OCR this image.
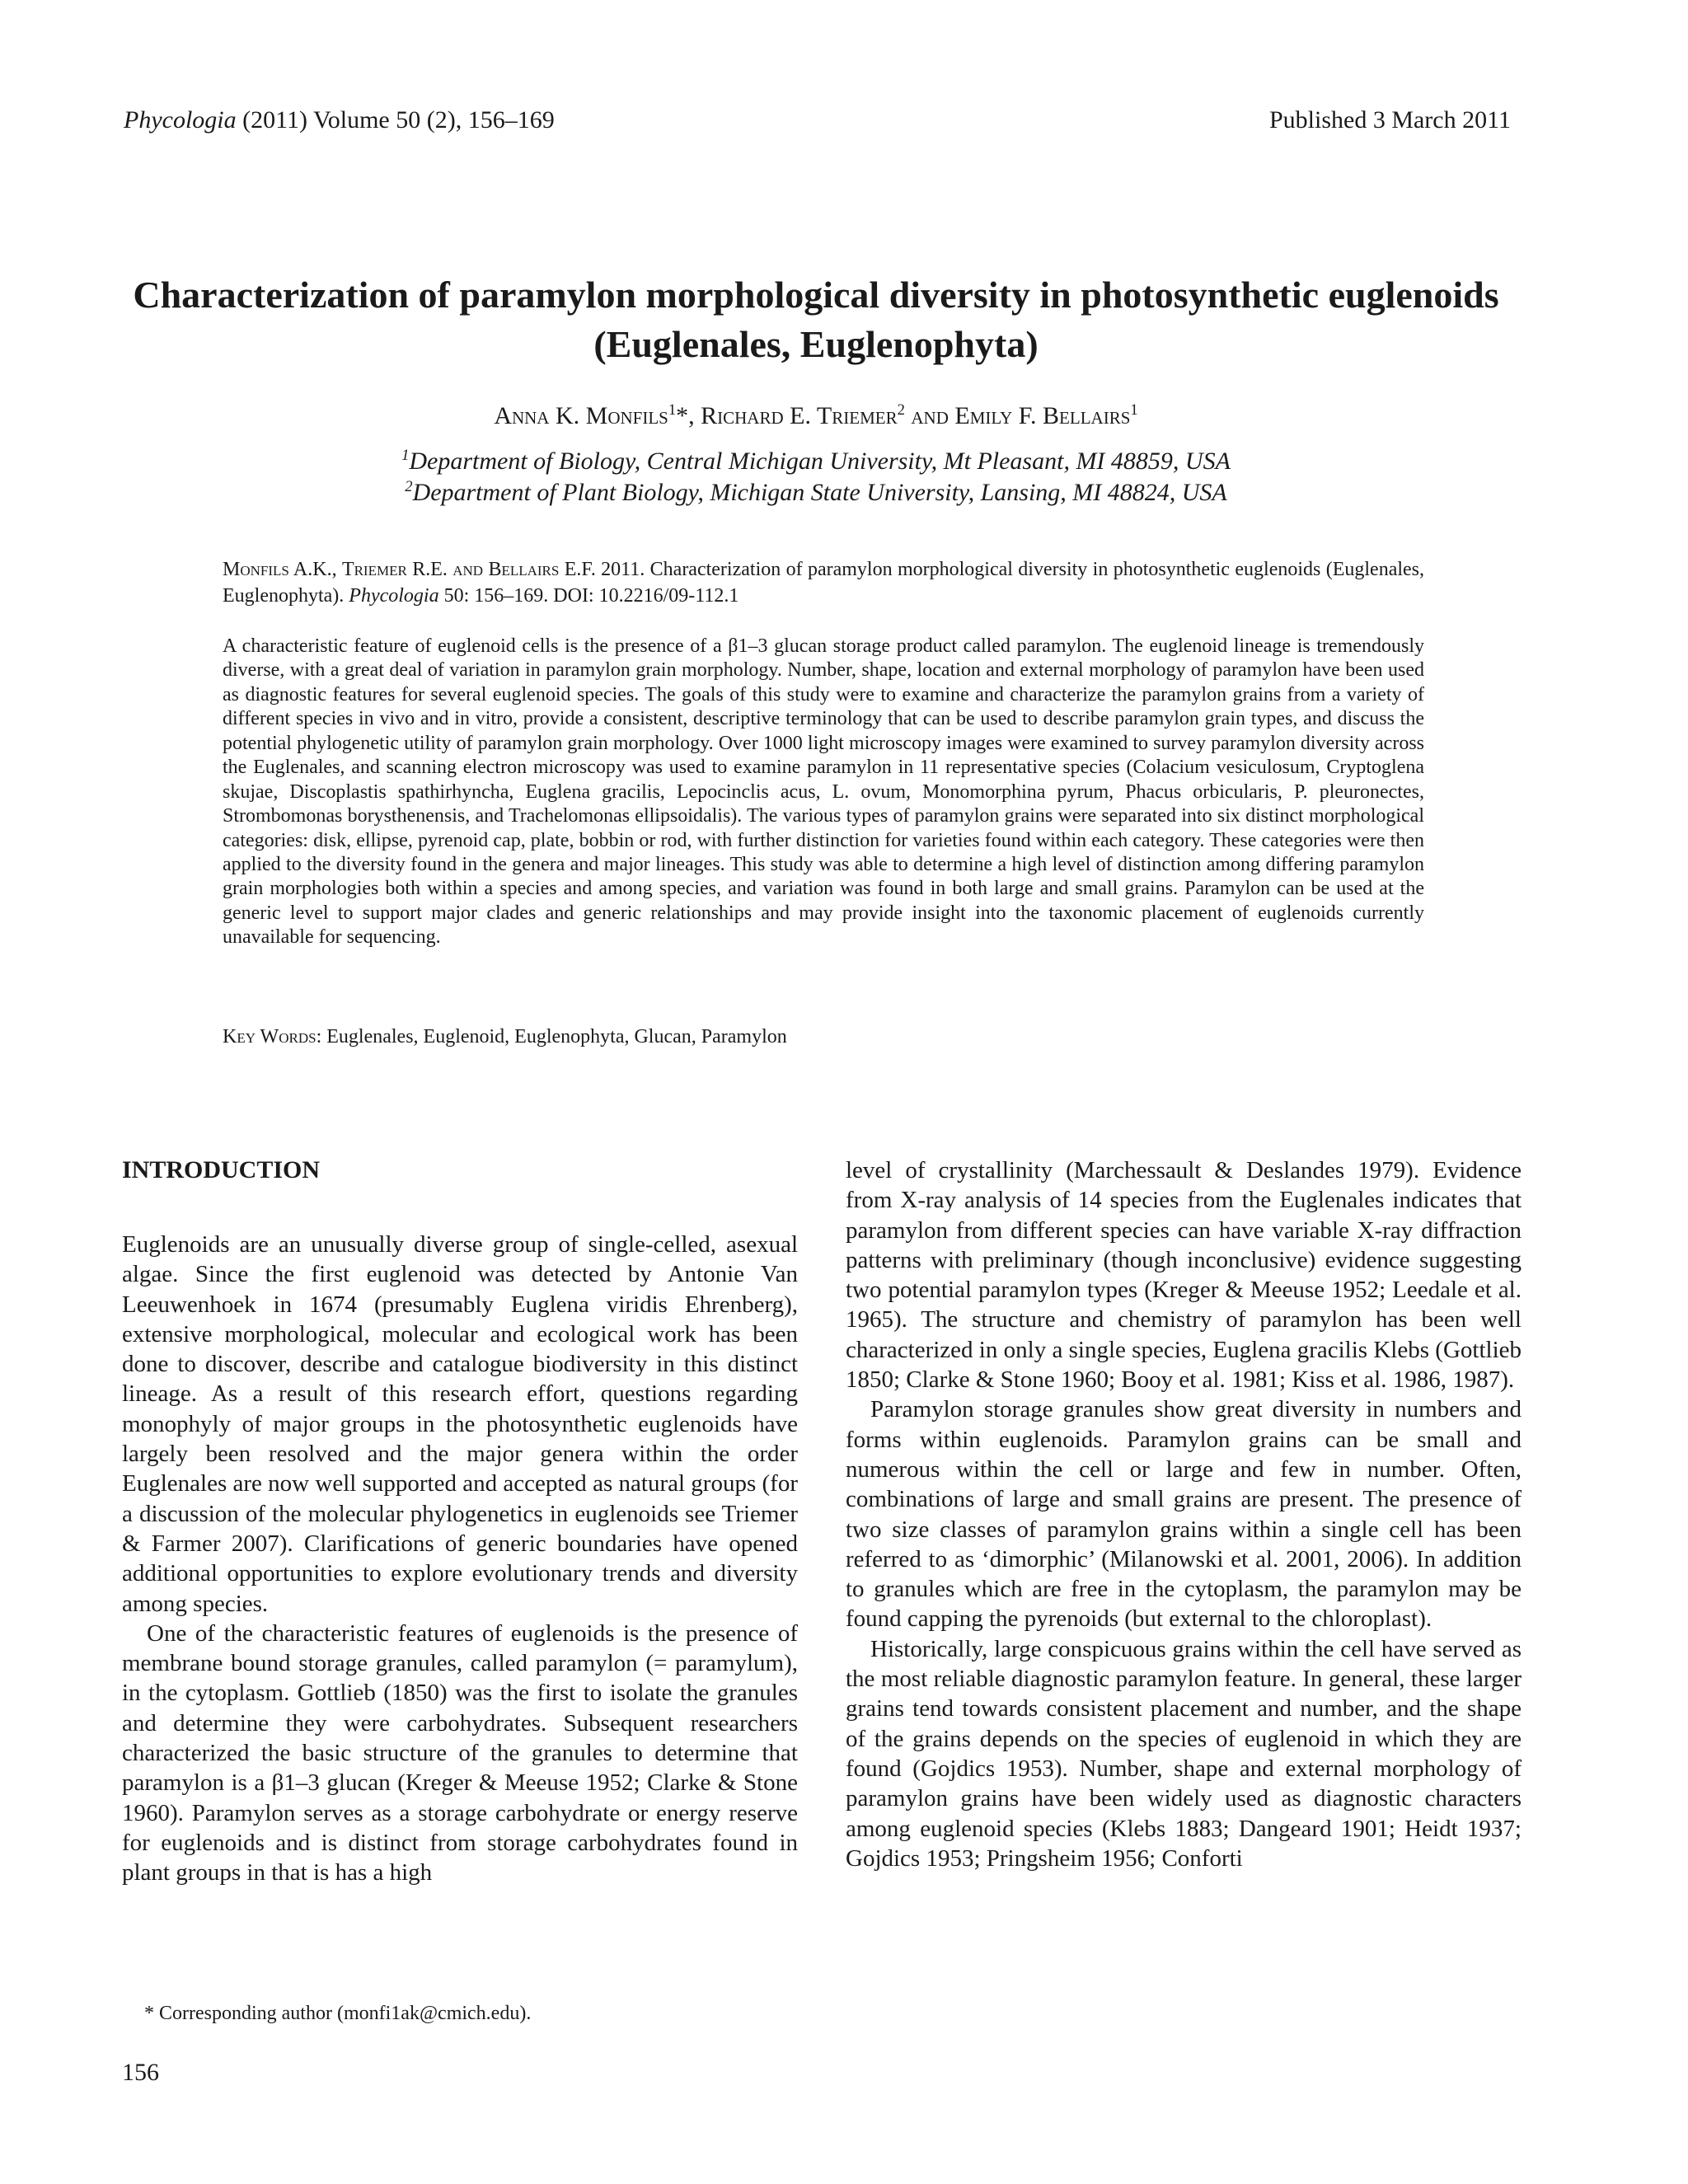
Phycologia (2011) Volume 50 (2), 156–169	Published 3 March 2011
Characterization of paramylon morphological diversity in photosynthetic euglenoids (Euglenales, Euglenophyta)
Anna K. Monfils$^1$*, Richard E. Triemer$^2$ and Emily F. Bellairs$^1$
$^1$Department of Biology, Central Michigan University, Mt Pleasant, MI 48859, USA
$^2$Department of Plant Biology, Michigan State University, Lansing, MI 48824, USA
Monfils A.K., Triemer R.E. and Bellairs E.F. 2011. Characterization of paramylon morphological diversity in photosynthetic euglenoids (Euglenales, Euglenophyta). Phycologia 50: 156–169. DOI: 10.2216/09-112.1

A characteristic feature of euglenoid cells is the presence of a β1–3 glucan storage product called paramylon. The euglenoid lineage is tremendously diverse, with a great deal of variation in paramylon grain morphology. Number, shape, location and external morphology of paramylon have been used as diagnostic features for several euglenoid species. The goals of this study were to examine and characterize the paramylon grains from a variety of different species in vivo and in vitro, provide a consistent, descriptive terminology that can be used to describe paramylon grain types, and discuss the potential phylogenetic utility of paramylon grain morphology. Over 1000 light microscopy images were examined to survey paramylon diversity across the Euglenales, and scanning electron microscopy was used to examine paramylon in 11 representative species (Colacium vesiculosum, Cryptoglena skujae, Discoplastis spathirhyncha, Euglena gracilis, Lepocinclis acus, L. ovum, Monomorphina pyrum, Phacus orbicularis, P. pleuronectes, Strombomonas borysthenensis, and Trachelomonas ellipsoidalis). The various types of paramylon grains were separated into six distinct morphological categories: disk, ellipse, pyrenoid cap, plate, bobbin or rod, with further distinction for varieties found within each category. These categories were then applied to the diversity found in the genera and major lineages. This study was able to determine a high level of distinction among differing paramylon grain morphologies both within a species and among species, and variation was found in both large and small grains. Paramylon can be used at the generic level to support major clades and generic relationships and may provide insight into the taxonomic placement of euglenoids currently unavailable for sequencing.

Key Words: Euglenales, Euglenoid, Euglenophyta, Glucan, Paramylon
INTRODUCTION

Euglenoids are an unusually diverse group of single-celled, asexual algae. Since the first euglenoid was detected by Antonie Van Leeuwenhoek in 1674 (presumably Euglena viridis Ehrenberg), extensive morphological, molecular and ecological work has been done to discover, describe and catalogue biodiversity in this distinct lineage. As a result of this research effort, questions regarding monophyly of major groups in the photosynthetic euglenoids have largely been resolved and the major genera within the order Euglenales are now well supported and accepted as natural groups (for a discussion of the molecular phylogenetics in euglenoids see Triemer & Farmer 2007). Clarifications of generic boundaries have opened additional opportunities to explore evolutionary trends and diversity among species.

One of the characteristic features of euglenoids is the presence of membrane bound storage granules, called paramylon (= paramylum), in the cytoplasm. Gottlieb (1850) was the first to isolate the granules and determine they were carbohydrates. Subsequent researchers characterized the basic structure of the granules to determine that paramylon is a β1–3 glucan (Kreger & Meeuse 1952; Clarke & Stone 1960). Paramylon serves as a storage carbohydrate or energy reserve for euglenoids and is distinct from storage carbohydrates found in plant groups in that is has a high

level of crystallinity (Marchessault & Deslandes 1979). Evidence from X-ray analysis of 14 species from the Euglenales indicates that paramylon from different species can have variable X-ray diffraction patterns with preliminary (though inconclusive) evidence suggesting two potential paramylon types (Kreger & Meeuse 1952; Leedale et al. 1965). The structure and chemistry of paramylon has been well characterized in only a single species, Euglena gracilis Klebs (Gottlieb 1850; Clarke & Stone 1960; Booy et al. 1981; Kiss et al. 1986, 1987).

Paramylon storage granules show great diversity in numbers and forms within euglenoids. Paramylon grains can be small and numerous within the cell or large and few in number. Often, combinations of large and small grains are present. The presence of two size classes of paramylon grains within a single cell has been referred to as ‘dimorphic’ (Milanowski et al. 2001, 2006). In addition to granules which are free in the cytoplasm, the paramylon may be found capping the pyrenoids (but external to the chloroplast).

Historically, large conspicuous grains within the cell have served as the most reliable diagnostic paramylon feature. In general, these larger grains tend towards consistent placement and number, and the shape of the grains depends on the species of euglenoid in which they are found (Gojdics 1953). Number, shape and external morphology of paramylon grains have been widely used as diagnostic characters among euglenoid species (Klebs 1883; Dangeard 1901; Heidt 1937; Gojdics 1953; Pringsheim 1956; Conforti

* Corresponding author (monfi1ak@cmich.edu).
156
